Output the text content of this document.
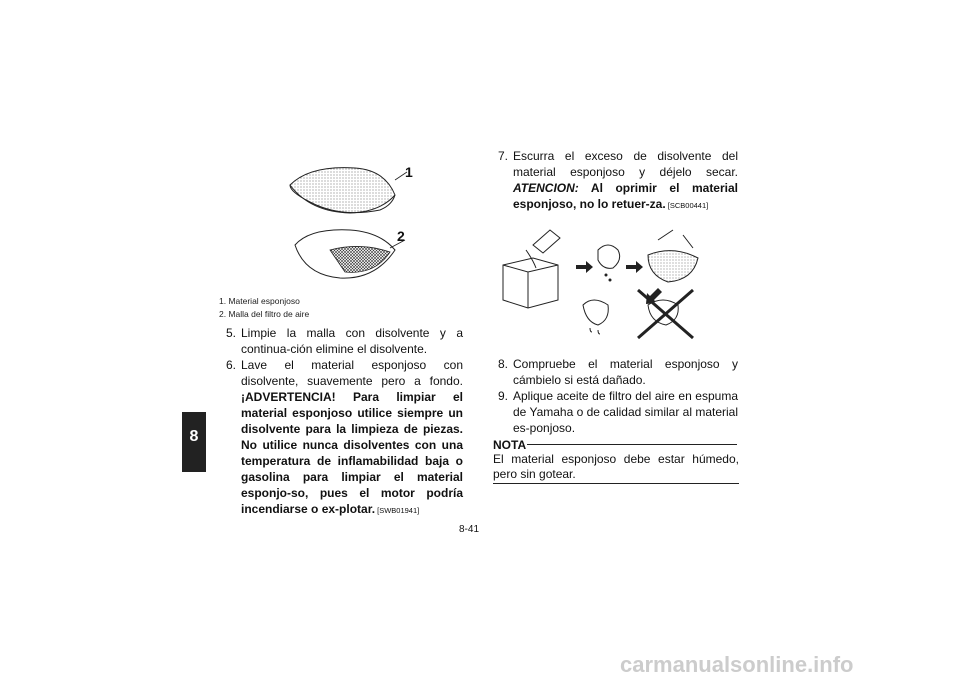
8
1
2
1. Material esponjoso
2. Malla del filtro de aire
5. Limpie la malla con disolvente y a continua-ción elimine el disolvente.
6. Lave el material esponjoso con disolvente, suavemente pero a fondo. ¡ADVERTENCIA! Para limpiar el material esponjoso utilice siempre un disolvente para la limpieza de piezas. No utilice nunca disolventes con una temperatura de inflamabilidad baja o gasolina para limpiar el material esponjo-so, pues el motor podría incendiarse o ex-plotar. [SWB01941]
7. Escurra el exceso de disolvente del material esponjoso y déjelo secar. ATENCION: Al oprimir el material esponjoso, no lo retuer-za. [SCB00441]
8. Compruebe el material esponjoso y cámbielo si está dañado.
9. Aplique aceite de filtro del aire en espuma de Yamaha o de calidad similar al material es-ponjoso.
NOTA
El material esponjoso debe estar húmedo, pero sin gotear.
8-41
carmanualsonline.info
